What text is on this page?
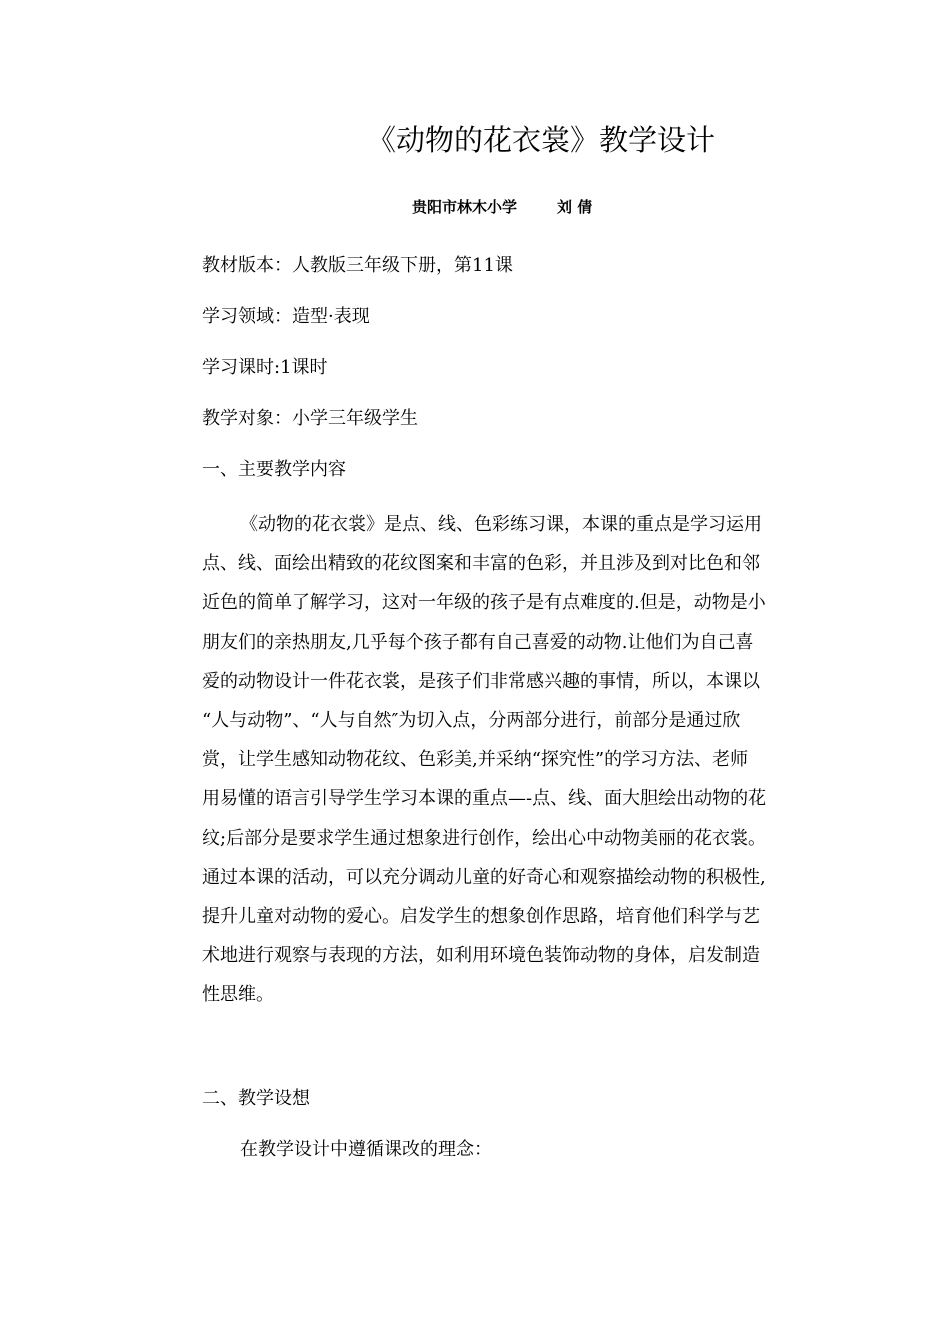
《动物的花衣裳》教学设计
贵阳市林木小学	刘 倩
教材版本：人教版三年级下册，第11课
学习领域：造型·表现
学习课时:1课时
教学对象：小学三年级学生
一、主要教学内容
《动物的花衣裳》是点、线、色彩练习课，本课的重点是学习运用
点、线、面绘出精致的花纹图案和丰富的色彩，并且涉及到对比色和邻
近色的简单了解学习，这对一年级的孩子是有点难度的.但是，动物是小
朋友们的亲热朋友,几乎每个孩子都有自己喜爱的动物.让他们为自己喜
爱的动物设计一件花衣裳，是孩子们非常感兴趣的事情，所以，本课以
“人与动物”、“人与自然″为切入点，分两部分进行，前部分是通过欣
赏，让学生感知动物花纹、色彩美,并采纳“探究性”的学习方法、老师
用易懂的语言引导学生学习本课的重点—-点、线、面大胆绘出动物的花
纹;后部分是要求学生通过想象进行创作，绘出心中动物美丽的花衣裳。
通过本课的活动，可以充分调动儿童的好奇心和观察描绘动物的积极性,
提升儿童对动物的爱心。启发学生的想象创作思路，培育他们科学与艺
术地进行观察与表现的方法，如利用环境色装饰动物的身体，启发制造
性思维。
二、教学设想
在教学设计中遵循课改的理念：
